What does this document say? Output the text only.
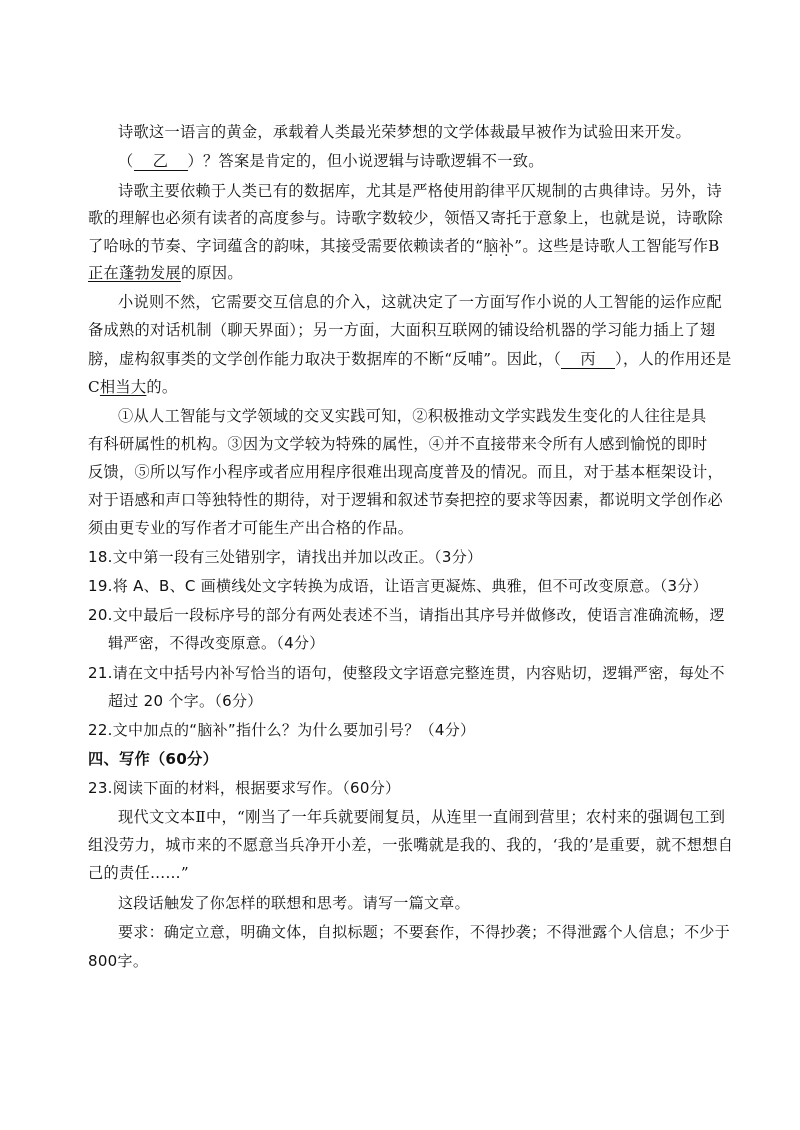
诗歌这一语言的黄金，承载着人类最光荣梦想的文学体裁最早被作为试验田来开发。
（ 乙 ）？答案是肯定的，但小说逻辑与诗歌逻辑不一致。
诗歌主要依赖于人类已有的数据库，尤其是严格使用韵律平仄规制的古典律诗。另外，诗
歌的理解也必须有读者的高度参与。诗歌字数较少，领悟又寄托于意象上，也就是说，诗歌除
了哈咏的节奏、字词蕴含的韵味，其接受需要依赖读者的“脑补”。这些是诗歌人工智能写作B
正在蓬勃发展的原因。
小说则不然，它需要交互信息的介入，这就决定了一方面写作小说的人工智能的运作应配
备成熟的对话机制（聊天界面）；另一方面，大面积互联网的铺设给机器的学习能力插上了翅
膀，虚构叙事类的文学创作能力取决于数据库的不断“反哺”。因此，（ 丙 ），人的作用还是
C相当大的。
①从人工智能与文学领域的交叉实践可知，②积极推动文学实践发生变化的人往往是具
有科研属性的机构。③因为文学较为特殊的属性，④并不直接带来令所有人感到愉悦的即时
反馈，⑤所以写作小程序或者应用程序很难出现高度普及的情况。而且，对于基本框架设计，
对于语感和声口等独特性的期待，对于逻辑和叙述节奏把控的要求等因素，都说明文学创作必
须由更专业的写作者才可能生产出合格的作品。
18.文中第一段有三处错别字，请找出并加以改正。（3分）
19.将 A、B、C 画横线处文字转换为成语，让语言更凝炼、典雅，但不可改变原意。（3分）
20.文中最后一段标序号的部分有两处表述不当，请指出其序号并做修改，使语言准确流畅，逻
辑严密，不得改变原意。（4分）
21.请在文中括号内补写恰当的语句，使整段文字语意完整连贯，内容贴切，逻辑严密，每处不
超过 20 个字。（6分）
22.文中加点的“脑补”指什么？为什么要加引号？（4分）
四、写作（60分）
23.阅读下面的材料，根据要求写作。（60分）
现代文文本Ⅱ中，“刚当了一年兵就要闹复员，从连里一直闹到营里；农村来的强调包工到
组没劳力，城市来的不愿意当兵净开小差，一张嘴就是我的、我的，‘我的’是重要，就不想想自
己的责任……”
这段话触发了你怎样的联想和思考。请写一篇文章。
要求：确定立意，明确文体，自拟标题；不要套作，不得抄袭；不得泄露个人信息；不少于
800字。
